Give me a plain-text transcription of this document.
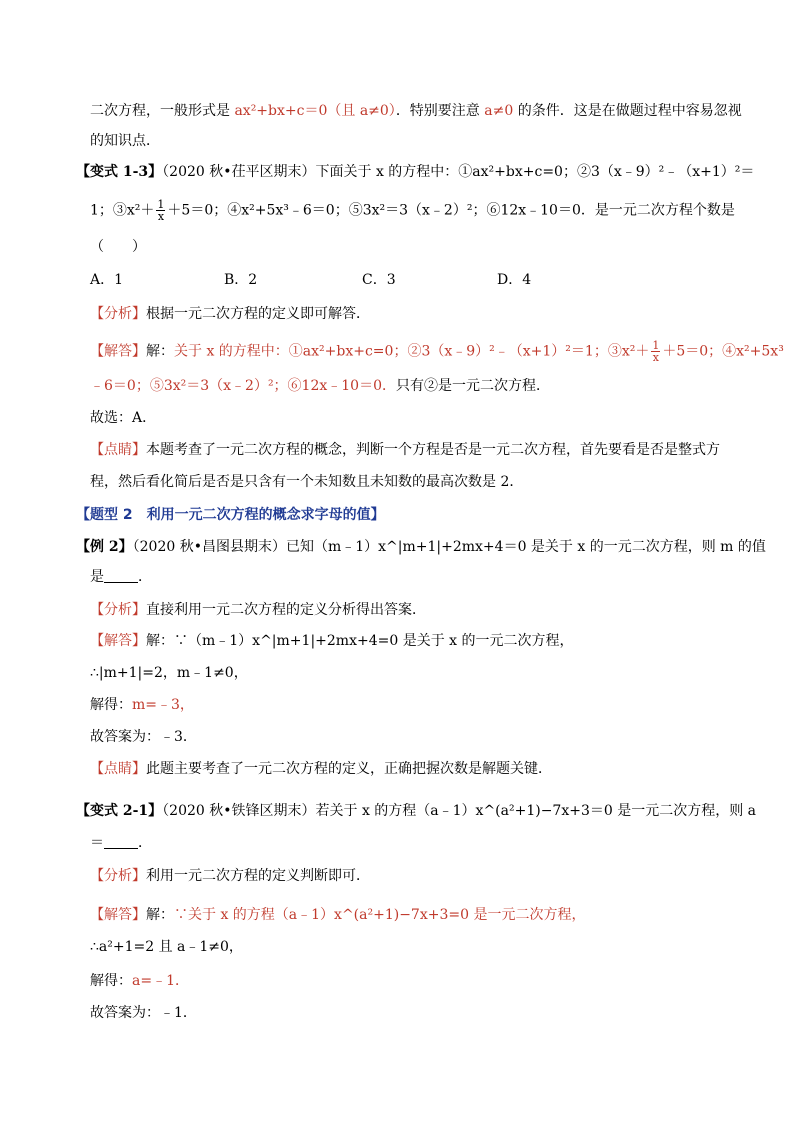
二次方程，一般形式是 ax²+bx+c＝0（且 a≠0）．特别要注意 a≠0 的条件．这是在做题过程中容易忽视
的知识点．
【变式 1-3】（2020 秋•茌平区期末）下面关于 x 的方程中：①ax²+bx+c=0；②3（x﹣9）²﹣（x+1）²＝
1；③x²＋ $\frac{1}{x} +5=0$；④x²+5x³﹣6＝0；⑤3x²＝3（x﹣2）²；⑥12x﹣10＝0．是一元二次方程个数是
（　　）
A．1	B．2	C．3	D．4
【分析】根据一元二次方程的定义即可解答．
【解答】解：关于 x 的方程中：①ax²+bx+c=0；②3（x﹣9）²﹣（x+1）²＝1；③x²＋ $\frac{1}{x} +5=0$；④x²+5x³
﹣6＝0；⑤3x²＝3（x﹣2）²；⑥12x﹣10＝0．只有②是一元二次方程．
故选：A．
【点睛】本题考查了一元二次方程的概念，判断一个方程是否是一元二次方程，首先要看是否是整式方
程，然后看化简后是否是只含有一个未知数且未知数的最高次数是 2．
【题型 2　利用一元二次方程的概念求字母的值】
【例 2】（2020 秋•昌图县期末）已知（m﹣1）x^|m+1|+2mx+4＝0 是关于 x 的一元二次方程，则 m 的值
是 ．
【分析】直接利用一元二次方程的定义分析得出答案．
【解答】解：∵（m﹣1）x^|m+1|+2mx+4=0 是关于 x 的一元二次方程，
∴|m+1|=2，m﹣1≠0，
解得：m=﹣3，
故答案为：﹣3．
【点睛】此题主要考查了一元二次方程的定义，正确把握次数是解题关键．
【变式 2-1】（2020 秋•铁锋区期末）若关于 x 的方程（a﹣1）x^(a²+1)−7x+3＝0 是一元二次方程，则 a
＝ ．
【分析】利用一元二次方程的定义判断即可．
【解答】解：∵关于 x 的方程（a﹣1）x^(a²+1)−7x+3=0 是一元二次方程，
∴a²+1=2 且 a﹣1≠0，
解得：a=﹣1．
故答案为：﹣1．
